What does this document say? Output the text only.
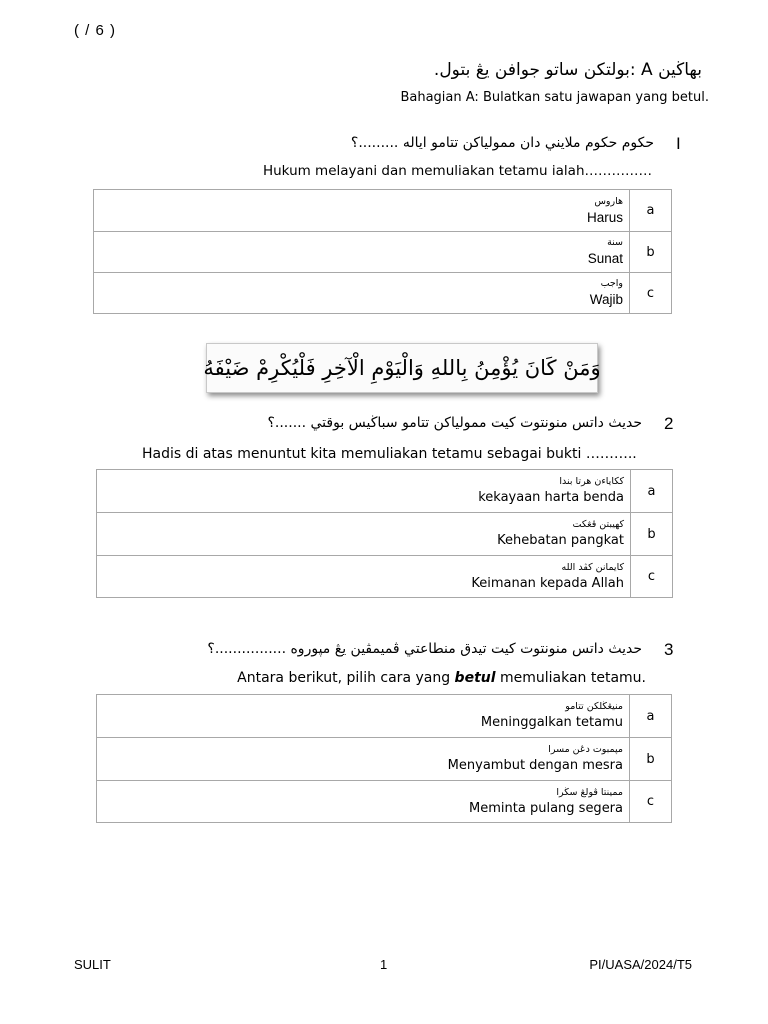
( / 6 )
بهاڬين A :بولتكن ساتو جوافن يڠ بتول.
Bahagian A: Bulatkan satu jawapan yang betul.
I
حكوم حكوم ملايني دان مموليا‌كن تتامو ايا‌له .........؟
Hukum melayani dan memuliakan tetamu ialah……………
هاروس
Harus	a

سنة
Sunat	b

واجب
Wajib	c
وَمَنْ كَانَ يُؤْمِنُ بِاللهِ وَالْيَوْمِ الْآخِرِ فَلْيُكْرِمْ ضَيْفَهُ
2
حديث داتس منونتوت كيت مموليا‌كن تتامو سباڬيس بوقتي .......؟
Hadis di atas menuntut kita memuliakan tetamu sebagai bukti ………..
ككاياءن هرتا بندا
kekayaan harta benda	a

كهيبتن ڤڠكت
Kehebatan pangkat	b

كايمانن كڤد الله
Keimanan kepada Allah	c
3
حديث داتس منونتوت كيت تيدق منطاعتي ڤميمڤين يڠ مپوروه ................؟
Antara berikut, pilih cara yang betul memuliakan tetamu.
منيڠڬلكن تتامو
Meninggalkan tetamu	a

مپمبوت دڠن مسرا
Menyambut dengan mesra	b

ممينتا ڤولڠ سڬرا
Meminta pulang segera	c
SULIT	1	PI/UASA/2024/T5
